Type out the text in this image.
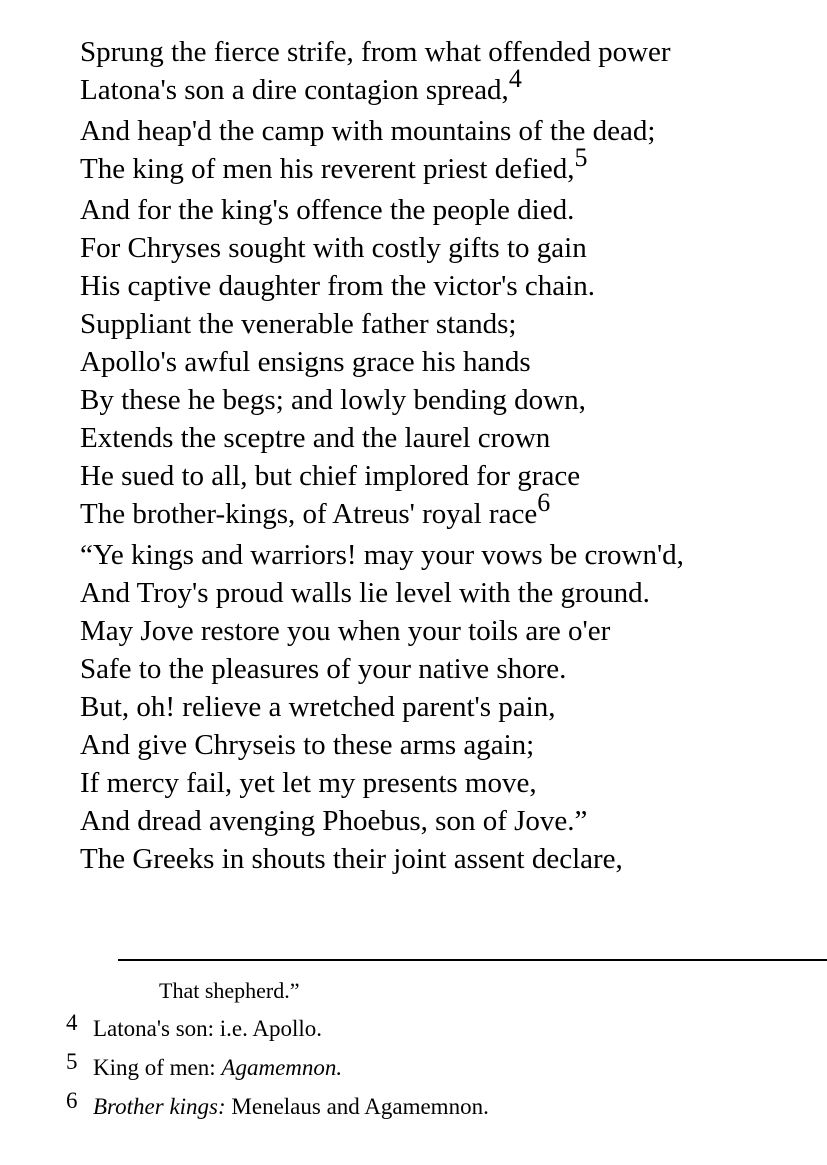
Sprung the fierce strife, from what offended power
Latona's son a dire contagion spread,4
And heap'd the camp with mountains of the dead;
The king of men his reverent priest defied,5
And for the king's offence the people died.
For Chryses sought with costly gifts to gain
His captive daughter from the victor's chain.
Suppliant the venerable father stands;
Apollo's awful ensigns grace his hands
By these he begs; and lowly bending down,
Extends the sceptre and the laurel crown
He sued to all, but chief implored for grace
The brother-kings, of Atreus' royal race6
“Ye kings and warriors! may your vows be crown'd,
And Troy's proud walls lie level with the ground.
May Jove restore you when your toils are o'er
Safe to the pleasures of your native shore.
But, oh! relieve a wretched parent's pain,
And give Chryseis to these arms again;
If mercy fail, yet let my presents move,
And dread avenging Phoebus, son of Jove.”
The Greeks in shouts their joint assent declare,
That shepherd.”
4 Latona's son: i.e. Apollo.
5 King of men: Agamemnon.
6 Brother kings: Menelaus and Agamemnon.
